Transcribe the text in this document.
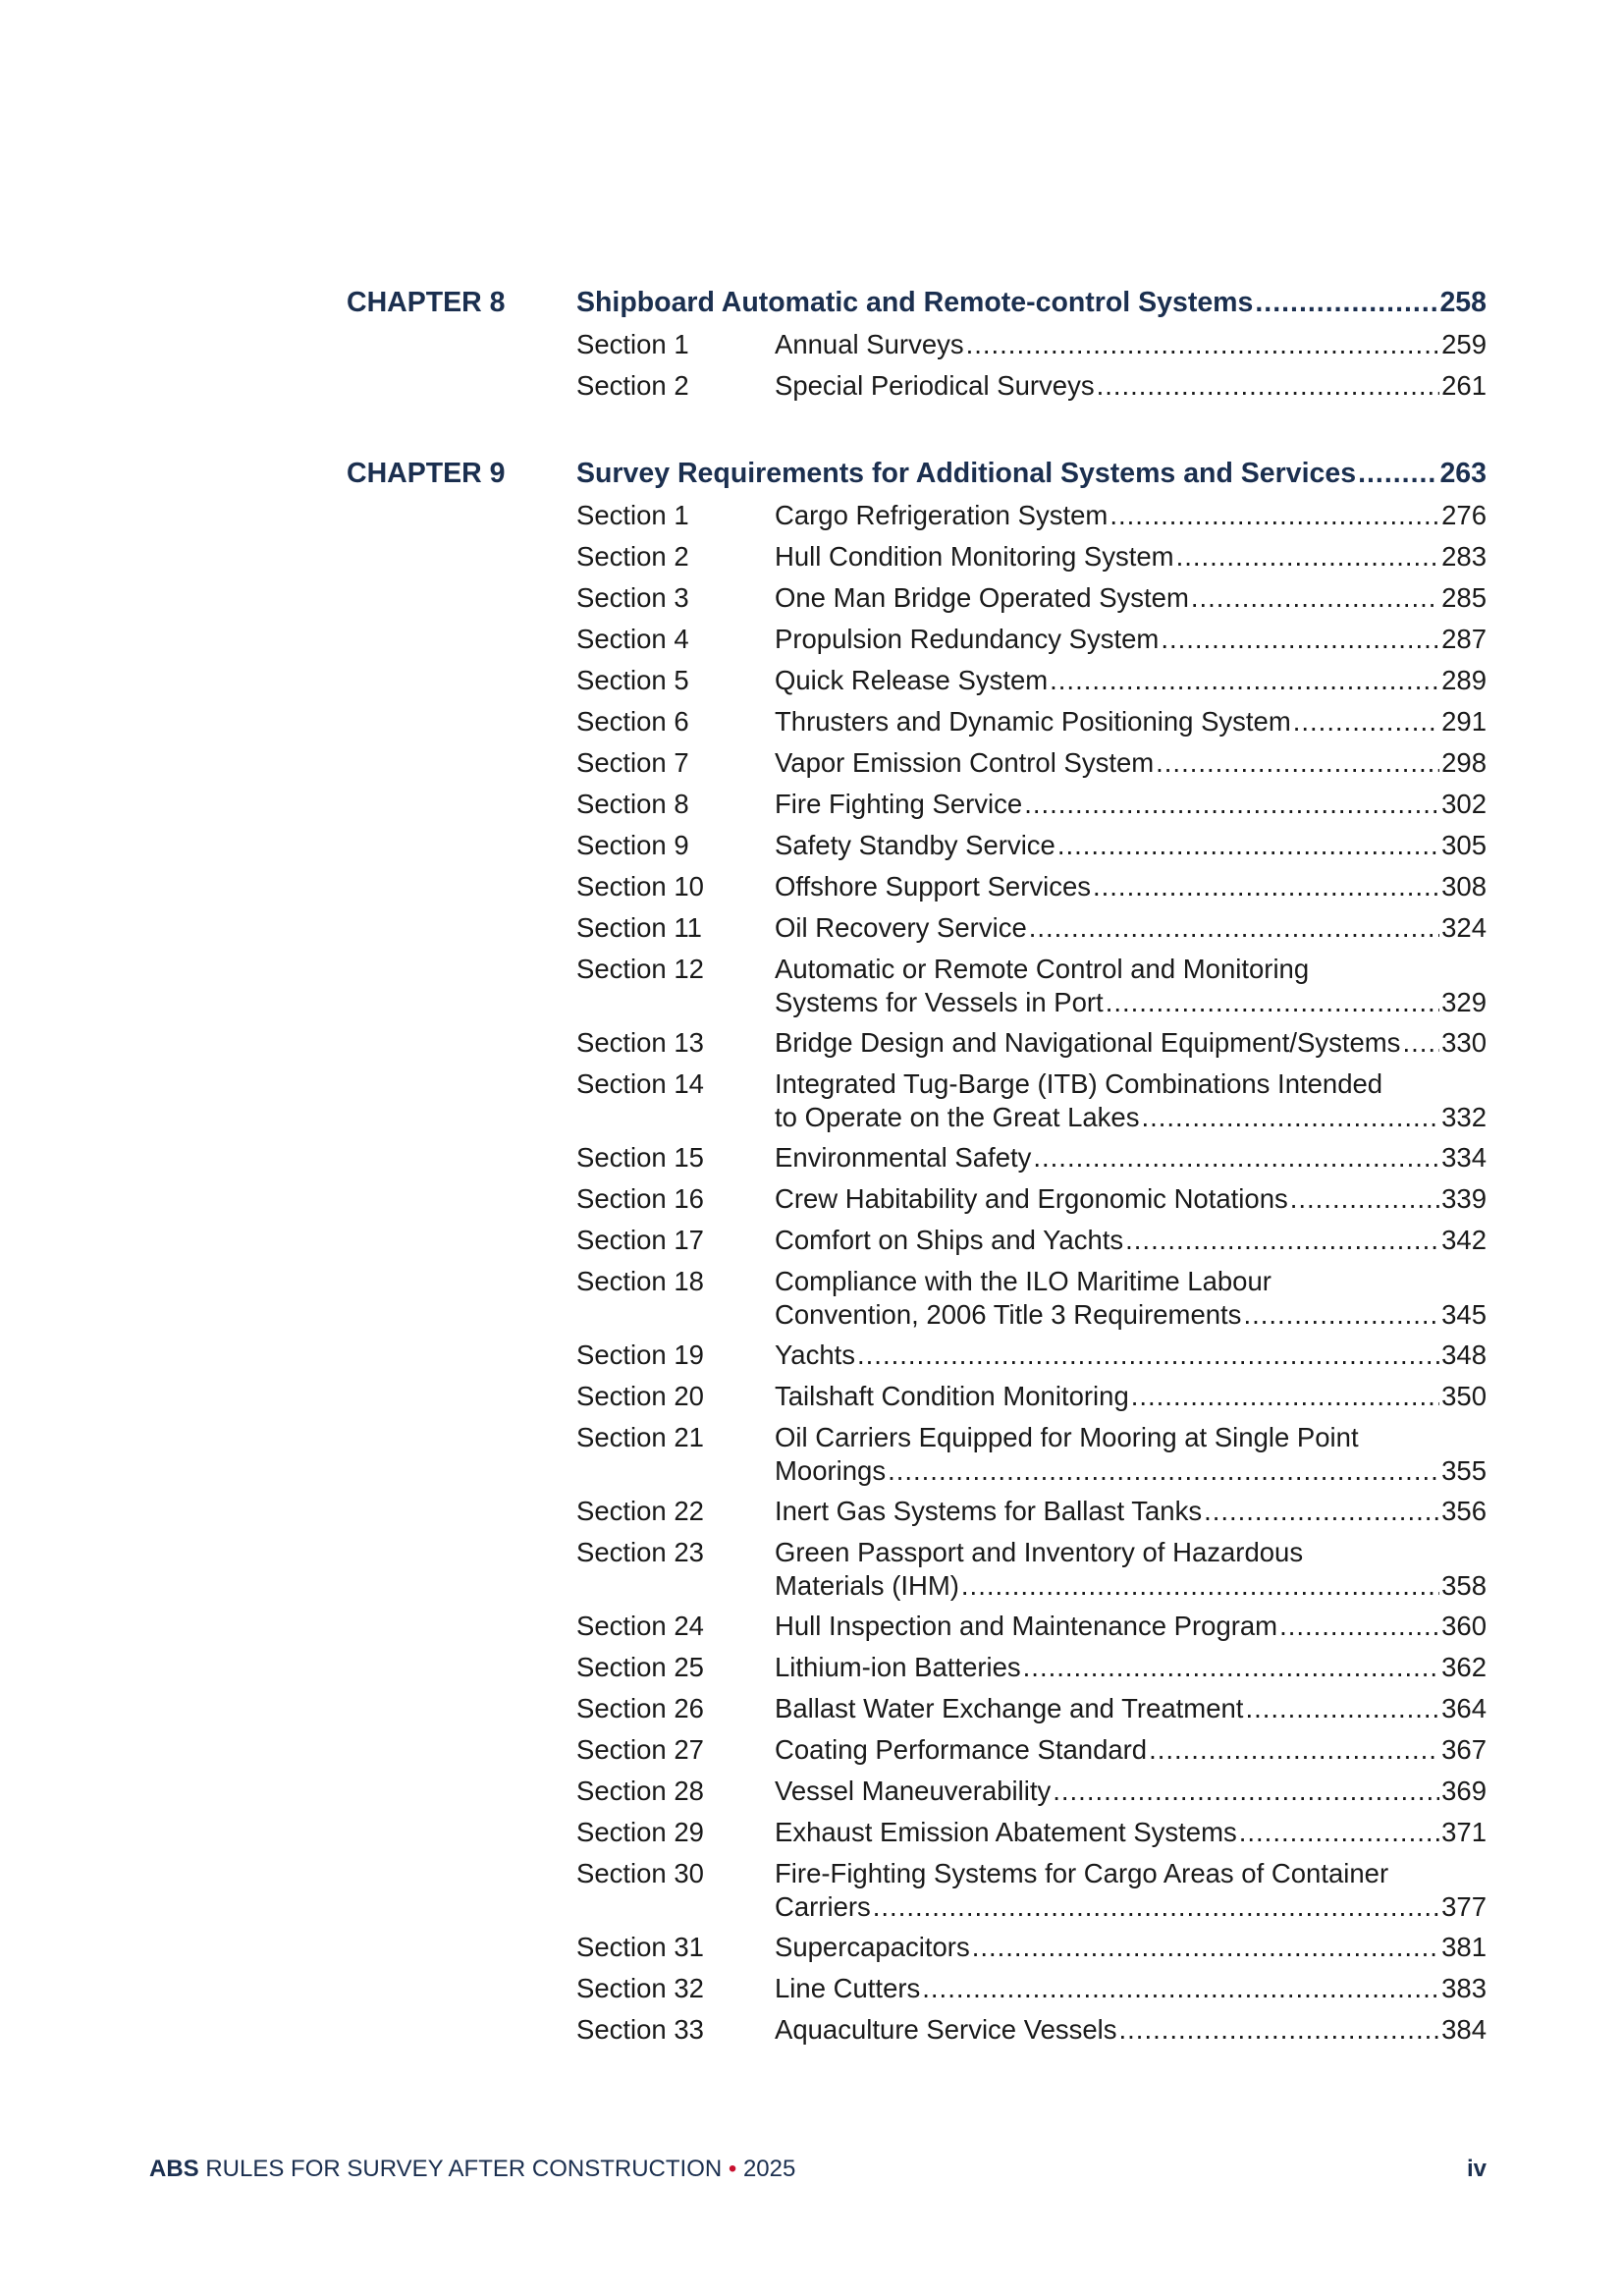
CHAPTER 8	Shipboard Automatic and Remote-control Systems .....	258
Section 1	Annual Surveys .....	259
Section 2	Special Periodical Surveys .....	261
CHAPTER 9	Survey Requirements for Additional Systems and Services .....	263
Section 1	Cargo Refrigeration System .....	276
Section 2	Hull Condition Monitoring System .....	283
Section 3	One Man Bridge Operated System .....	285
Section 4	Propulsion Redundancy System .....	287
Section 5	Quick Release System .....	289
Section 6	Thrusters and Dynamic Positioning System .....	291
Section 7	Vapor Emission Control System .....	298
Section 8	Fire Fighting Service .....	302
Section 9	Safety Standby Service .....	305
Section 10	Offshore Support Services .....	308
Section 11	Oil Recovery Service .....	324
Section 12	Automatic or Remote Control and Monitoring
Systems for Vessels in Port .....	329
Section 13	Bridge Design and Navigational Equipment/Systems ..... 330
Section 14	Integrated Tug-Barge (ITB) Combinations Intended
to Operate on the Great Lakes .....	332
Section 15	Environmental Safety .....	334
Section 16	Crew Habitability and Ergonomic Notations .....	339
Section 17	Comfort on Ships and Yachts .....	342
Section 18	Compliance with the ILO Maritime Labour
Convention, 2006 Title 3 Requirements .....	345
Section 19	Yachts .....	348
Section 20	Tailshaft Condition Monitoring .....	350
Section 21	Oil Carriers Equipped for Mooring at Single Point
Moorings .....	355
Section 22	Inert Gas Systems for Ballast Tanks .....	356
Section 23	Green Passport and Inventory of Hazardous
Materials (IHM) .....	358
Section 24	Hull Inspection and Maintenance Program .....	360
Section 25	Lithium-ion Batteries .....	362
Section 26	Ballast Water Exchange and Treatment .....	364
Section 27	Coating Performance Standard .....	367
Section 28	Vessel Maneuverability .....	369
Section 29	Exhaust Emission Abatement Systems .....	371
Section 30	Fire-Fighting Systems for Cargo Areas of Container
Carriers .....	377
Section 31	Supercapacitors .....	381
Section 32	Line Cutters .....	383
Section 33	Aquaculture Service Vessels .....	384
ABS RULES FOR SURVEY AFTER CONSTRUCTION • 2025	iv
